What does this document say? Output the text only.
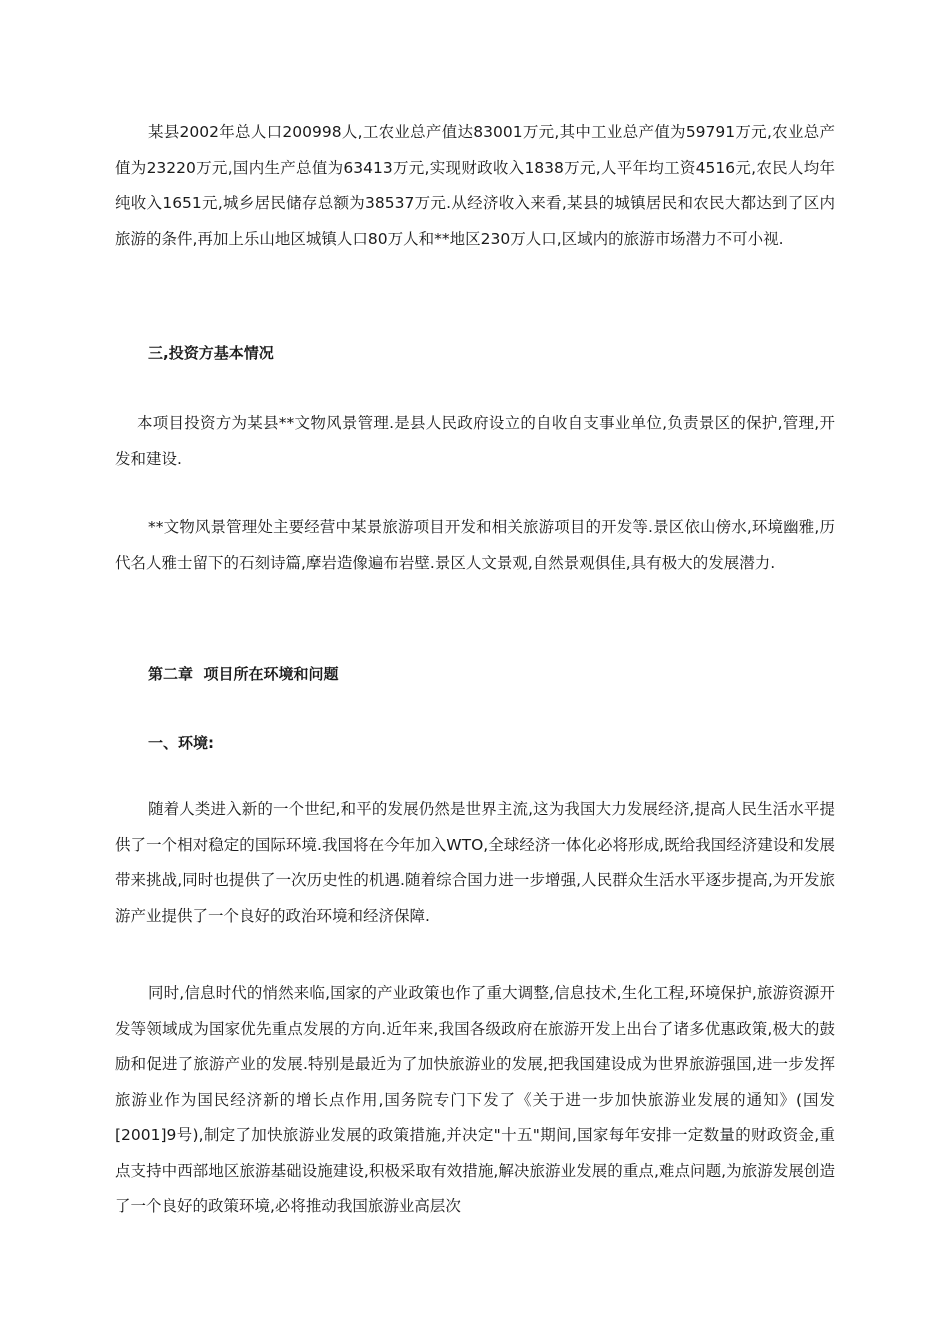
某县2002年总人口200998人,工农业总产值达83001万元,其中工业总产值为59791万元,农业总产值为23220万元,国内生产总值为63413万元,实现财政收入1838万元,人平年均工资4516元,农民人均年纯收入1651元,城乡居民储存总额为38537万元.从经济收入来看,某县的城镇居民和农民大都达到了区内旅游的条件,再加上乐山地区城镇人口80万人和**地区230万人口,区域内的旅游市场潜力不可小视.
三,投资方基本情况
本项目投资方为某县**文物风景管理.是县人民政府设立的自收自支事业单位,负责景区的保护,管理,开发和建设.
**文物风景管理处主要经营中某景旅游项目开发和相关旅游项目的开发等.景区依山傍水,环境幽雅,历代名人雅士留下的石刻诗篇,摩岩造像遍布岩壁.景区人文景观,自然景观俱佳,具有极大的发展潜力.
第二章  项目所在环境和问题
一、环境:
随着人类进入新的一个世纪,和平的发展仍然是世界主流,这为我国大力发展经济,提高人民生活水平提供了一个相对稳定的国际环境.我国将在今年加入WTO,全球经济一体化必将形成,既给我国经济建设和发展带来挑战,同时也提供了一次历史性的机遇.随着综合国力进一步增强,人民群众生活水平逐步提高,为开发旅游产业提供了一个良好的政治环境和经济保障.
同时,信息时代的悄然来临,国家的产业政策也作了重大调整,信息技术,生化工程,环境保护,旅游资源开发等领域成为国家优先重点发展的方向.近年来,我国各级政府在旅游开发上出台了诸多优惠政策,极大的鼓励和促进了旅游产业的发展.特别是最近为了加快旅游业的发展,把我国建设成为世界旅游强国,进一步发挥旅游业作为国民经济新的增长点作用,国务院专门下发了《关于进一步加快旅游业发展的通知》(国发[2001]9号),制定了加快旅游业发展的政策措施,并决定"十五"期间,国家每年安排一定数量的财政资金,重点支持中西部地区旅游基础设施建设,积极采取有效措施,解决旅游业发展的重点,难点问题,为旅游发展创造了一个良好的政策环境,必将推动我国旅游业高层次
